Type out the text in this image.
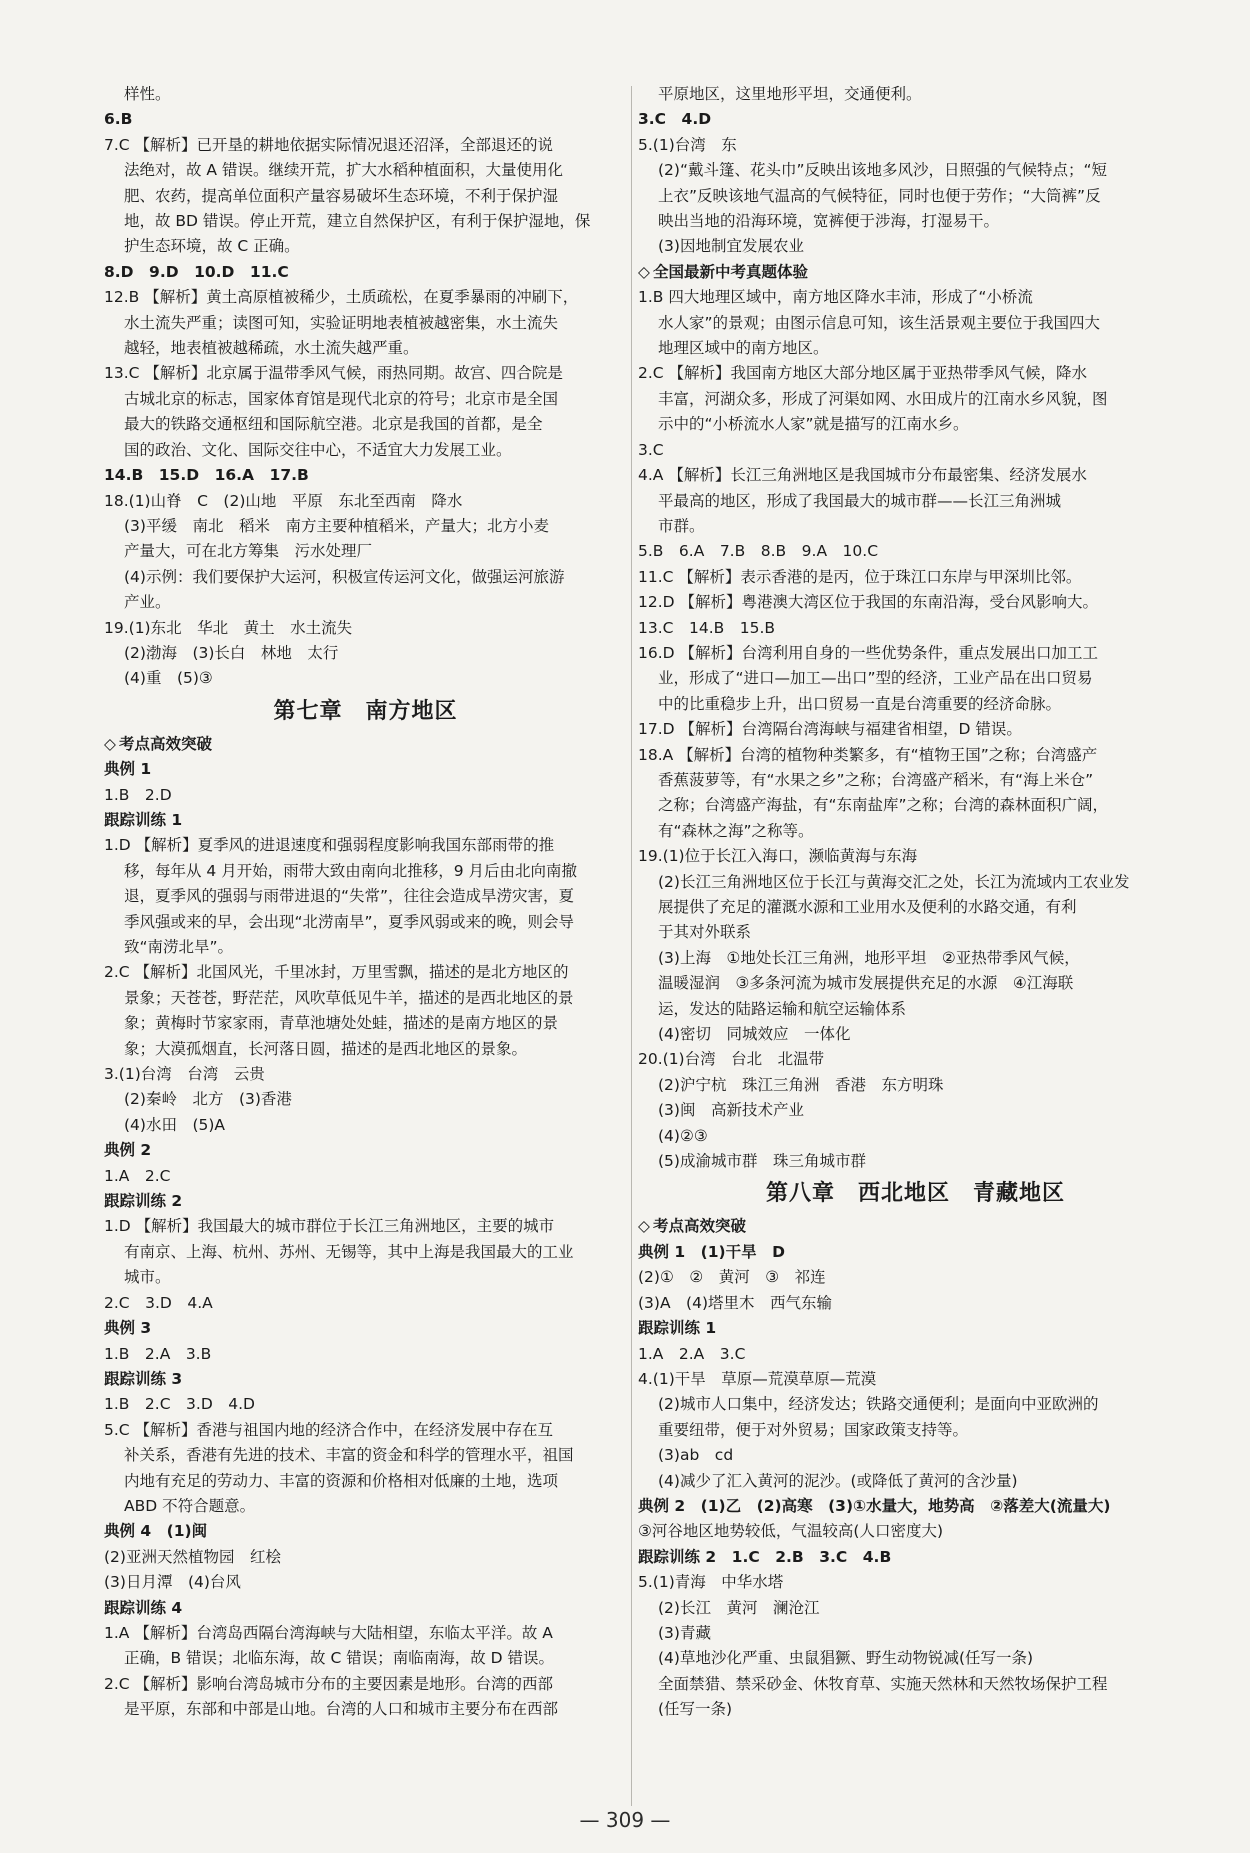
样性。
6.B
7.C 【解析】已开垦的耕地依据实际情况退还沼泽，全部退还的说
法绝对，故 A 错误。继续开荒，扩大水稻种植面积，大量使用化
肥、农药，提高单位面积产量容易破坏生态环境，不利于保护湿
地，故 BD 错误。停止开荒，建立自然保护区，有利于保护湿地，保
护生态环境，故 C 正确。
8.D　9.D　10.D　11.C
12.B 【解析】黄土高原植被稀少，土质疏松，在夏季暴雨的冲刷下，
水土流失严重；读图可知，实验证明地表植被越密集，水土流失
越轻，地表植被越稀疏，水土流失越严重。
13.C 【解析】北京属于温带季风气候，雨热同期。故宫、四合院是
古城北京的标志，国家体育馆是现代北京的符号；北京市是全国
最大的铁路交通枢纽和国际航空港。北京是我国的首都，是全
国的政治、文化、国际交往中心，不适宜大力发展工业。
14.B　15.D　16.A　17.B
18.(1)山脊　C　(2)山地　平原　东北至西南　降水
(3)平缓　南北　稻米　南方主要种植稻米，产量大；北方小麦
产量大，可在北方筹集　污水处理厂
(4)示例：我们要保护大运河，积极宣传运河文化，做强运河旅游
产业。
19.(1)东北　华北　黄土　水土流失
(2)渤海　(3)长白　林地　太行
(4)重　(5)③
第七章　南方地区
◇ 考点高效突破
典例 1
1.B　2.D
跟踪训练 1
1.D 【解析】夏季风的进退速度和强弱程度影响我国东部雨带的推
移，每年从 4 月开始，雨带大致由南向北推移，9 月后由北向南撤
退，夏季风的强弱与雨带进退的“失常”，往往会造成旱涝灾害，夏
季风强或来的早，会出现“北涝南旱”，夏季风弱或来的晚，则会导
致“南涝北旱”。
2.C 【解析】北国风光，千里冰封，万里雪飘，描述的是北方地区的
景象；天苍苍，野茫茫，风吹草低见牛羊，描述的是西北地区的景
象；黄梅时节家家雨，青草池塘处处蛙，描述的是南方地区的景
象；大漠孤烟直，长河落日圆，描述的是西北地区的景象。
3.(1)台湾　台湾　云贵
(2)秦岭　北方　(3)香港
(4)水田　(5)A
典例 2
1.A　2.C
跟踪训练 2
1.D 【解析】我国最大的城市群位于长江三角洲地区，主要的城市
有南京、上海、杭州、苏州、无锡等，其中上海是我国最大的工业
城市。
2.C　3.D　4.A
典例 3
1.B　2.A　3.B
跟踪训练 3
1.B　2.C　3.D　4.D
5.C 【解析】香港与祖国内地的经济合作中，在经济发展中存在互
补关系，香港有先进的技术、丰富的资金和科学的管理水平，祖国
内地有充足的劳动力、丰富的资源和价格相对低廉的土地，选项
ABD 不符合题意。
典例 4　(1)闽
(2)亚洲天然植物园　红桧
(3)日月潭　(4)台风
跟踪训练 4
1.A 【解析】台湾岛西隔台湾海峡与大陆相望，东临太平洋。故 A
正确，B 错误；北临东海，故 C 错误；南临南海，故 D 错误。
2.C 【解析】影响台湾岛城市分布的主要因素是地形。台湾的西部
是平原，东部和中部是山地。台湾的人口和城市主要分布在西部
平原地区，这里地形平坦，交通便利。
3.C　4.D
5.(1)台湾　东
(2)“戴斗篷、花头巾”反映出该地多风沙，日照强的气候特点；“短
上衣”反映该地气温高的气候特征，同时也便于劳作；“大筒裤”反
映出当地的沿海环境，宽裤便于涉海，打湿易干。
(3)因地制宜发展农业
◇ 全国最新中考真题体验
1.B 四大地理区域中，南方地区降水丰沛，形成了“小桥流
水人家”的景观；由图示信息可知，该生活景观主要位于我国四大
地理区域中的南方地区。
2.C 【解析】我国南方地区大部分地区属于亚热带季风气候，降水
丰富，河湖众多，形成了河渠如网、水田成片的江南水乡风貌，图
示中的“小桥流水人家”就是描写的江南水乡。
3.C
4.A 【解析】长江三角洲地区是我国城市分布最密集、经济发展水
平最高的地区，形成了我国最大的城市群——长江三角洲城
市群。
5.B　6.A　7.B　8.B　9.A　10.C
11.C 【解析】表示香港的是丙，位于珠江口东岸与甲深圳比邻。
12.D 【解析】粤港澳大湾区位于我国的东南沿海，受台风影响大。
13.C　14.B　15.B
16.D 【解析】台湾利用自身的一些优势条件，重点发展出口加工工
业，形成了“进口—加工—出口”型的经济，工业产品在出口贸易
中的比重稳步上升，出口贸易一直是台湾重要的经济命脉。
17.D 【解析】台湾隔台湾海峡与福建省相望，D 错误。
18.A 【解析】台湾的植物种类繁多，有“植物王国”之称；台湾盛产
香蕉菠萝等，有“水果之乡”之称；台湾盛产稻米，有“海上米仓”
之称；台湾盛产海盐，有“东南盐库”之称；台湾的森林面积广阔，
有“森林之海”之称等。
19.(1)位于长江入海口，濒临黄海与东海
(2)长江三角洲地区位于长江与黄海交汇之处，长江为流域内工农业发
展提供了充足的灌溉水源和工业用水及便利的水路交通，有利
于其对外联系
(3)上海　①地处长江三角洲，地形平坦　②亚热带季风气候，
温暖湿润　③多条河流为城市发展提供充足的水源　④江海联
运，发达的陆路运输和航空运输体系
(4)密切　同城效应　一体化
20.(1)台湾　台北　北温带
(2)沪宁杭　珠江三角洲　香港　东方明珠
(3)闽　高新技术产业
(4)②③
(5)成渝城市群　珠三角城市群
第八章　西北地区　青藏地区
◇ 考点高效突破
典例 1　(1)干旱　D
(2)①　②　黄河　③　祁连
(3)A　(4)塔里木　西气东输
跟踪训练 1
1.A　2.A　3.C
4.(1)干旱　草原—荒漠草原—荒漠
(2)城市人口集中，经济发达；铁路交通便利；是面向中亚欧洲的
重要纽带，便于对外贸易；国家政策支持等。
(3)ab　cd
(4)减少了汇入黄河的泥沙。(或降低了黄河的含沙量)
典例 2　(1)乙　(2)高寒　(3)①水量大，地势高　②落差大(流量大)
③河谷地区地势较低，气温较高(人口密度大)
跟踪训练 2　1.C　2.B　3.C　4.B
5.(1)青海　中华水塔
(2)长江　黄河　澜沧江
(3)青藏
(4)草地沙化严重、虫鼠猖獗、野生动物锐减(任写一条)
全面禁猎、禁采砂金、休牧育草、实施天然林和天然牧场保护工程
(任写一条)
— 309 —
